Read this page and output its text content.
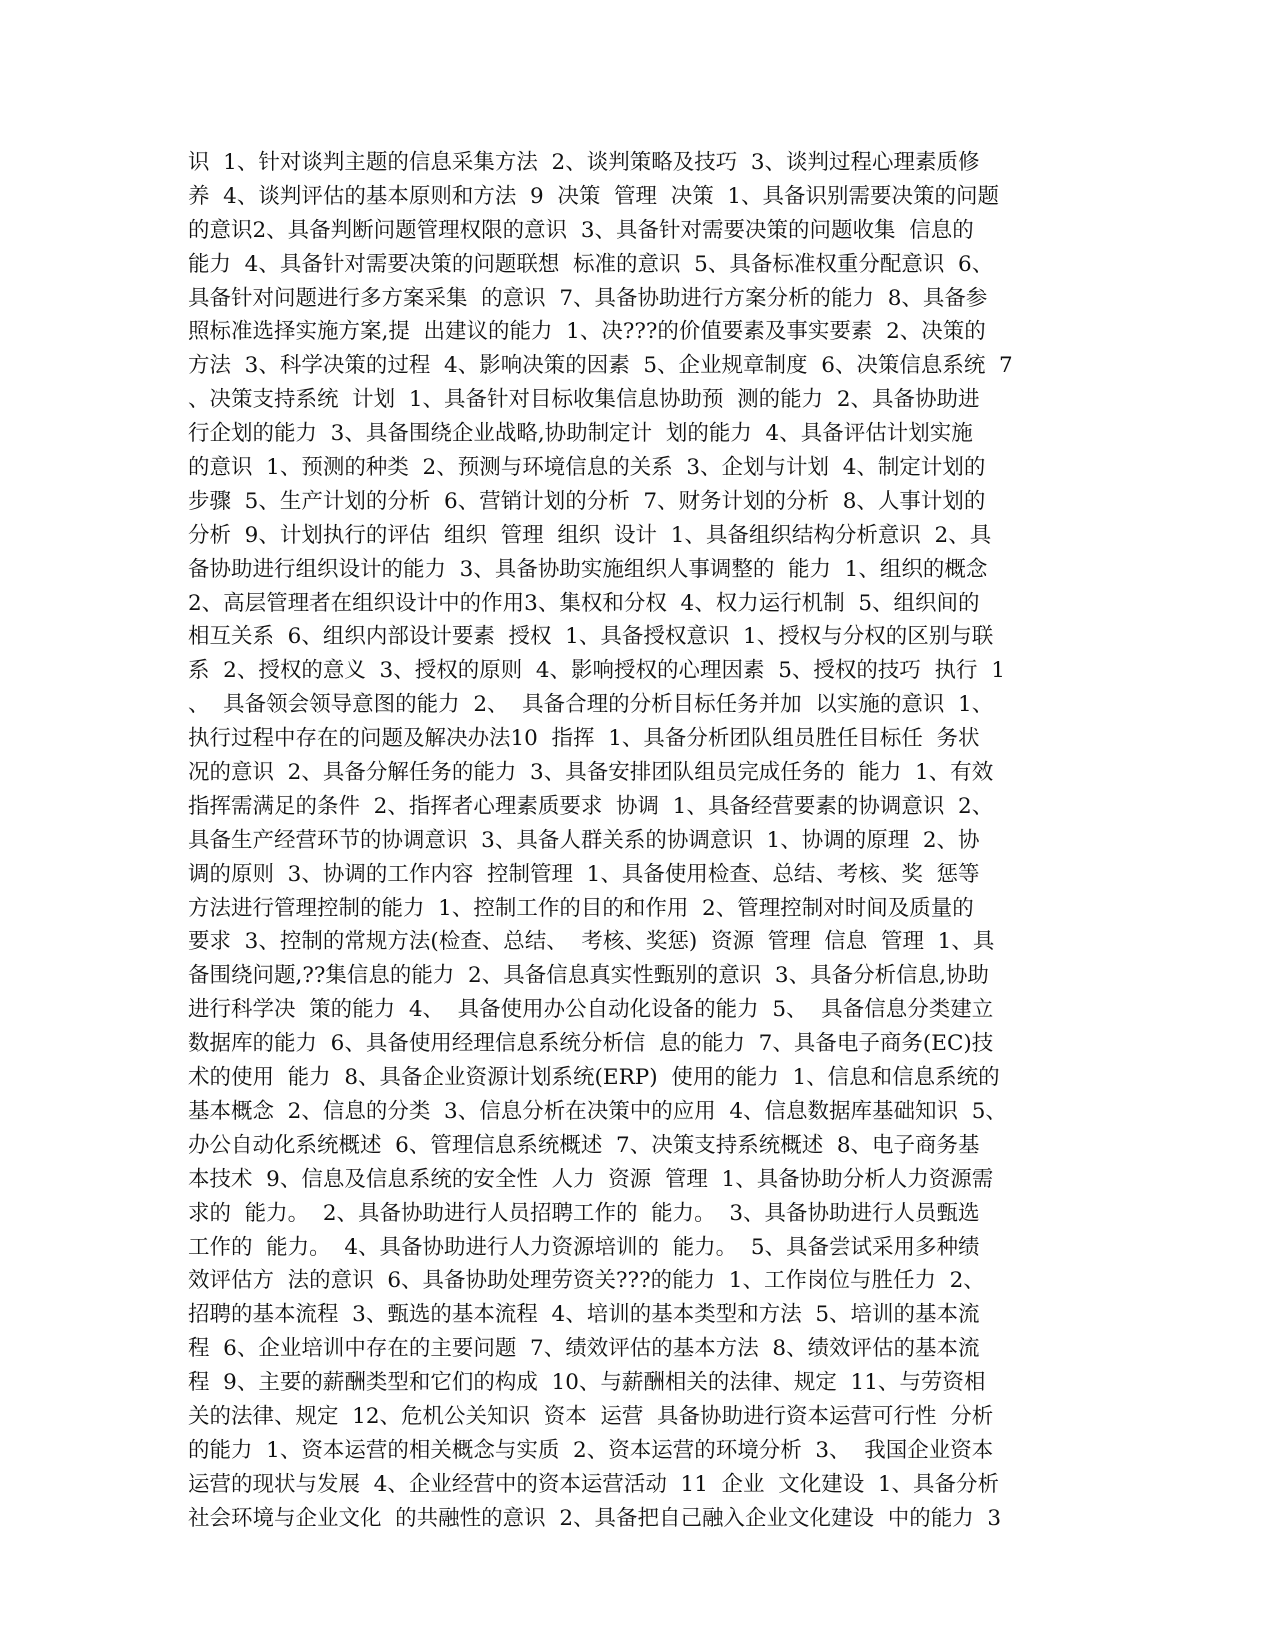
识  1、针对谈判主题的信息采集方法  2、谈判策略及技巧  3、谈判过程心理素质修
养  4、谈判评估的基本原则和方法  9  决策  管理  决策  1、具备识别需要决策的问题
的意识2、具备判断问题管理权限的意识  3、具备针对需要决策的问题收集  信息的
能力  4、具备针对需要决策的问题联想  标准的意识  5、具备标准权重分配意识  6、
具备针对问题进行多方案采集  的意识  7、具备协助进行方案分析的能力  8、具备参
照标准选择实施方案,提  出建议的能力  1、决???的价值要素及事实要素  2、决策的
方法  3、科学决策的过程  4、影响决策的因素  5、企业规章制度  6、决策信息系统  7
、决策支持系统  计划  1、具备针对目标收集信息协助预  测的能力  2、具备协助进
行企划的能力  3、具备围绕企业战略,协助制定计  划的能力  4、具备评估计划实施
的意识  1、预测的种类  2、预测与环境信息的关系  3、企划与计划  4、制定计划的
步骤  5、生产计划的分析  6、营销计划的分析  7、财务计划的分析  8、人事计划的
分析  9、计划执行的评估  组织  管理  组织  设计  1、具备组织结构分析意识  2、具
备协助进行组织设计的能力  3、具备协助实施组织人事调整的  能力  1、组织的概念
2、高层管理者在组织设计中的作用3、集权和分权  4、权力运行机制  5、组织间的
相互关系  6、组织内部设计要素  授权  1、具备授权意识  1、授权与分权的区别与联
系  2、授权的意义  3、授权的原则  4、影响授权的心理因素  5、授权的技巧  执行  1
、  具备领会领导意图的能力  2、  具备合理的分析目标任务并加  以实施的意识  1、
执行过程中存在的问题及解决办法10  指挥  1、具备分析团队组员胜任目标任  务状
况的意识  2、具备分解任务的能力  3、具备安排团队组员完成任务的  能力  1、有效
指挥需满足的条件  2、指挥者心理素质要求  协调  1、具备经营要素的协调意识  2、
具备生产经营环节的协调意识  3、具备人群关系的协调意识  1、协调的原理  2、协
调的原则  3、协调的工作内容  控制管理  1、具备使用检查、总结、考核、奖  惩等
方法进行管理控制的能力  1、控制工作的目的和作用  2、管理控制对时间及质量的
要求  3、控制的常规方法(检查、总结、  考核、奖惩)  资源  管理  信息  管理  1、具
备围绕问题,??集信息的能力  2、具备信息真实性甄别的意识  3、具备分析信息,协助
进行科学决  策的能力  4、  具备使用办公自动化设备的能力  5、  具备信息分类建立
数据库的能力  6、具备使用经理信息系统分析信  息的能力  7、具备电子商务(EC)技
术的使用  能力  8、具备企业资源计划系统(ERP)  使用的能力  1、信息和信息系统的
基本概念  2、信息的分类  3、信息分析在决策中的应用  4、信息数据库基础知识  5、
办公自动化系统概述  6、管理信息系统概述  7、决策支持系统概述  8、电子商务基
本技术  9、信息及信息系统的安全性  人力  资源  管理  1、具备协助分析人力资源需
求的  能力。  2、具备协助进行人员招聘工作的  能力。  3、具备协助进行人员甄选
工作的  能力。  4、具备协助进行人力资源培训的  能力。  5、具备尝试采用多种绩
效评估方  法的意识  6、具备协助处理劳资关???的能力  1、工作岗位与胜任力  2、
招聘的基本流程  3、甄选的基本流程  4、培训的基本类型和方法  5、培训的基本流
程  6、企业培训中存在的主要问题  7、绩效评估的基本方法  8、绩效评估的基本流
程  9、主要的薪酬类型和它们的构成  10、与薪酬相关的法律、规定  11、与劳资相
关的法律、规定  12、危机公关知识  资本  运营  具备协助进行资本运营可行性  分析
的能力  1、资本运营的相关概念与实质  2、资本运营的环境分析  3、  我国企业资本
运营的现状与发展  4、企业经营中的资本运营活动  11  企业  文化建设  1、具备分析
社会环境与企业文化  的共融性的意识  2、具备把自己融入企业文化建设  中的能力  3
